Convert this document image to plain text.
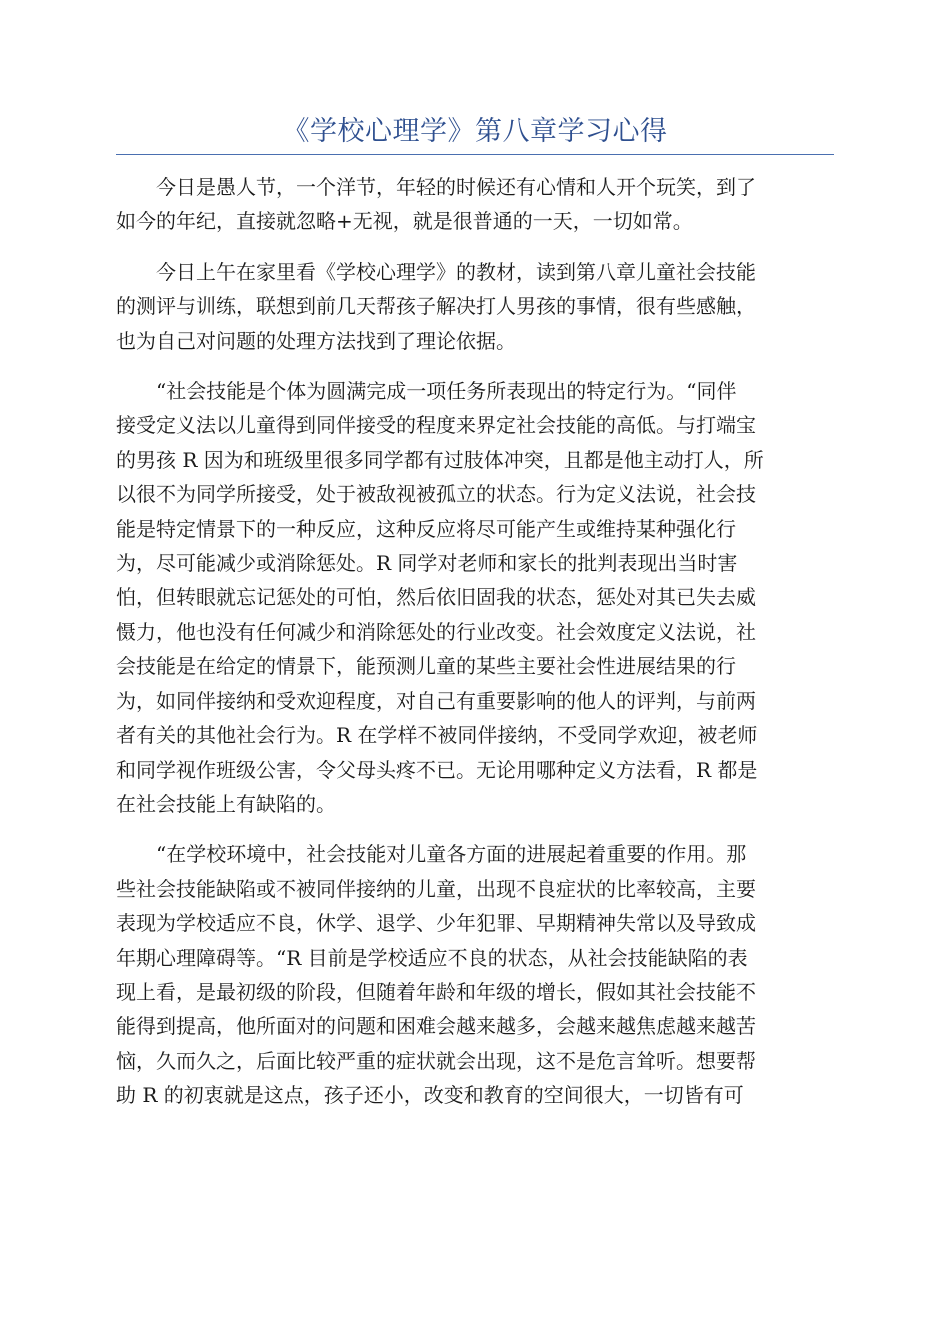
《学校心理学》第八章学习心得
今日是愚人节，一个洋节，年轻的时候还有心情和人开个玩笑，到了
如今的年纪，直接就忽略+无视，就是很普通的一天，一切如常。
今日上午在家里看《学校心理学》的教材，读到第八章儿童社会技能
的测评与训练，联想到前几天帮孩子解决打人男孩的事情，很有些感触，
也为自己对问题的处理方法找到了理论依据。
“社会技能是个体为圆满完成一项任务所表现出的特定行为。“同伴
接受定义法以儿童得到同伴接受的程度来界定社会技能的高低。与打端宝
的男孩 R 因为和班级里很多同学都有过肢体冲突，且都是他主动打人，所
以很不为同学所接受，处于被敌视被孤立的状态。行为定义法说，社会技
能是特定情景下的一种反应，这种反应将尽可能产生或维持某种强化行
为，尽可能减少或消除惩处。R 同学对老师和家长的批判表现出当时害
怕，但转眼就忘记惩处的可怕，然后依旧固我的状态，惩处对其已失去威
慑力，他也没有任何减少和消除惩处的行业改变。社会效度定义法说，社
会技能是在给定的情景下，能预测儿童的某些主要社会性进展结果的行
为，如同伴接纳和受欢迎程度，对自己有重要影响的他人的评判，与前两
者有关的其他社会行为。R 在学样不被同伴接纳，不受同学欢迎，被老师
和同学视作班级公害，令父母头疼不已。无论用哪种定义方法看，R 都是
在社会技能上有缺陷的。
“在学校环境中，社会技能对儿童各方面的进展起着重要的作用。那
些社会技能缺陷或不被同伴接纳的儿童，出现不良症状的比率较高，主要
表现为学校适应不良，休学、退学、少年犯罪、早期精神失常以及导致成
年期心理障碍等。“R 目前是学校适应不良的状态，从社会技能缺陷的表
现上看，是最初级的阶段，但随着年龄和年级的增长，假如其社会技能不
能得到提高，他所面对的问题和困难会越来越多，会越来越焦虑越来越苦
恼，久而久之，后面比较严重的症状就会出现，这不是危言耸听。想要帮
助 R 的初衷就是这点，孩子还小，改变和教育的空间很大，一切皆有可
